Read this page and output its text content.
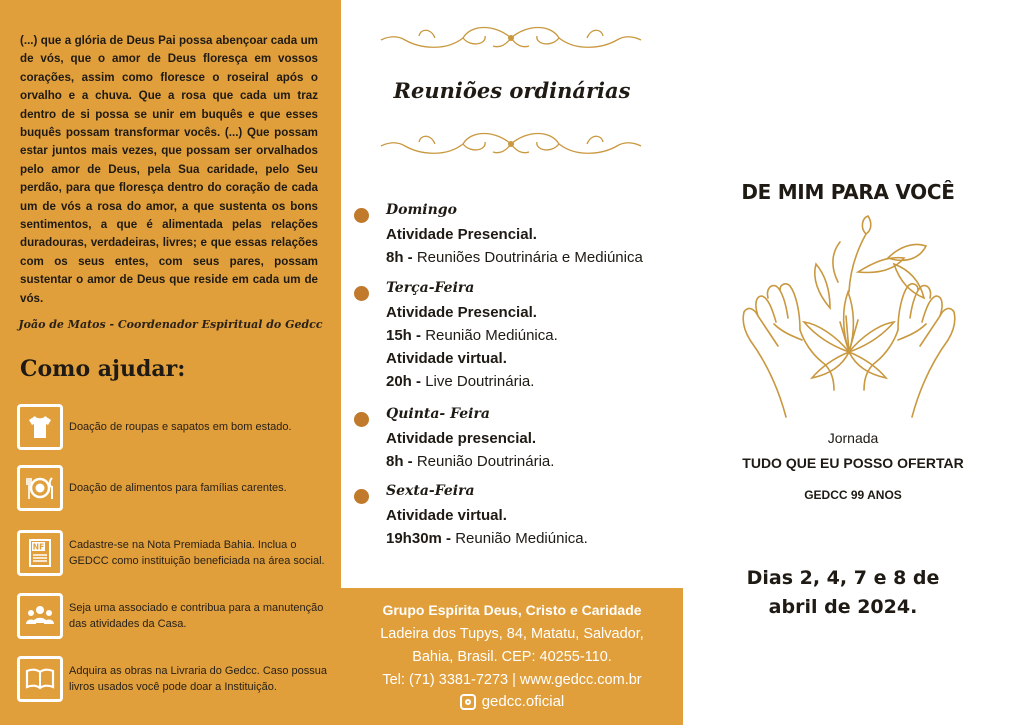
(...) que a glória de Deus Pai possa abençoar cada um de vós, que o amor de Deus floresça em vossos corações, assim como floresce o roseiral após o orvalho e a chuva. Que a rosa que cada um traz dentro de si possa se unir em buquês e que esses buquês possam transformar vocês. (...) Que possam estar juntos mais vezes, que possam ser orvalhados pelo amor de Deus, pela Sua caridade, pelo Seu perdão, para que floresça dentro do coração de cada um de vós a rosa do amor, a que sustenta os bons sentimentos, a que é alimentada pelas relações duradouras, verdadeiras, livres; e que essas relações com os seus entes, com seus pares, possam sustentar o amor de Deus que reside em cada um de vós.

João de Matos - Coordenador Espiritual do Gedcc
Como ajudar:
Doação de roupas e sapatos em bom estado.
Doação de alimentos para famílias carentes.
NF Cadastre-se na Nota Premiada Bahia. Inclua o GEDCC como instituição beneficiada na área social.
Seja uma associado e contribua para a manutenção das atividades da Casa.
Adquira as obras na Livraria do Gedcc. Caso possua livros usados você pode doar a Instituição.
Reuniões ordinárias
Domingo
Atividade Presencial.
8h - Reuniões Doutrinária e Mediúnica
Terça-Feira
Atividade Presencial.
15h - Reunião Mediúnica.
Atividade virtual.
20h - Live Doutrinária.
Quinta- Feira
Atividade presencial.
8h - Reunião Doutrinária.
Sexta-Feira
Atividade virtual.
19h30m - Reunião Mediúnica.
Grupo Espírita Deus, Cristo e Caridade
Ladeira dos Tupys, 84, Matatu, Salvador,
Bahia, Brasil. CEP: 40255-110.
Tel: (71) 3381-7273 | www.gedcc.com.br
gedcc.oficial
DE MIM PARA VOCÊ
Jornada
TUDO QUE EU POSSO OFERTAR
GEDCC 99 ANOS
Dias 2, 4, 7 e 8 de
abril de 2024.
